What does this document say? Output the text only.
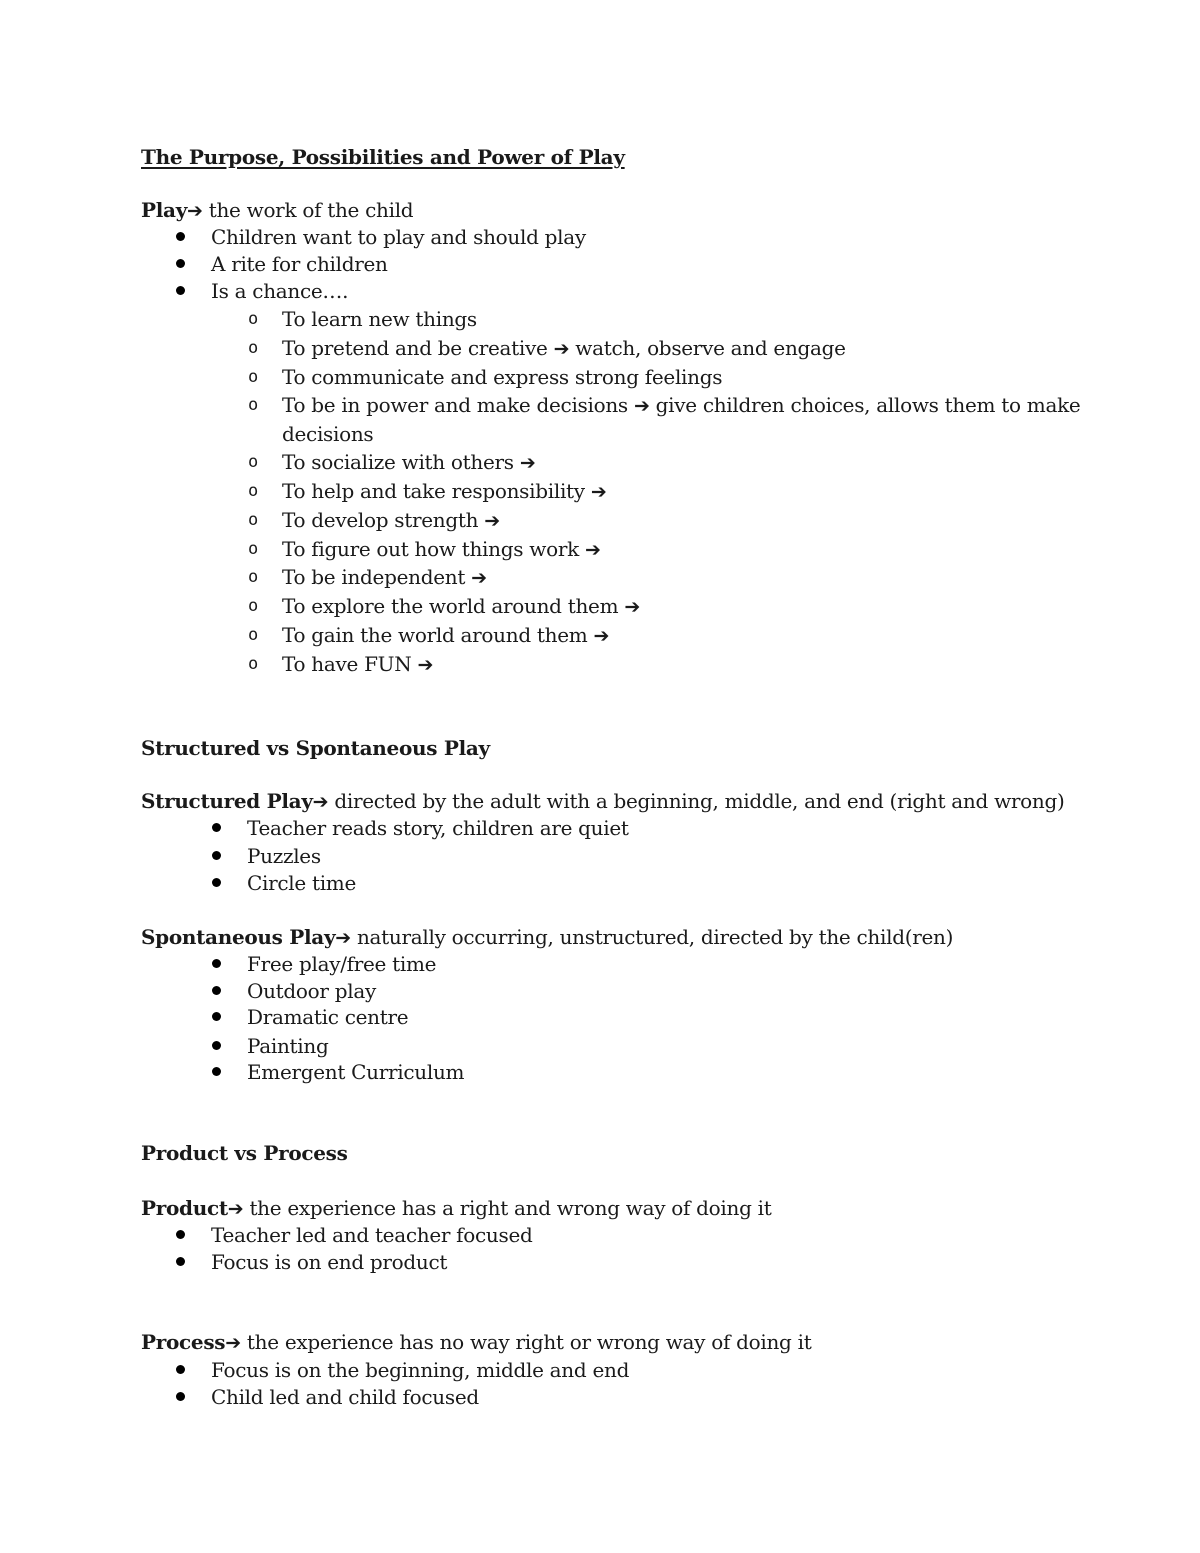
The Purpose, Possibilities and Power of Play
Play➔ the work of the child
Children want to play and should play
A rite for children
Is a chance….
o To learn new things
o To pretend and be creative ➔ watch, observe and engage
o To communicate and express strong feelings
o To be in power and make decisions ➔ give children choices, allows them to make
decisions
o To socialize with others ➔
o To help and take responsibility ➔
o To develop strength ➔
o To figure out how things work ➔
o To be independent ➔
o To explore the world around them ➔
o To gain the world around them ➔
o To have FUN ➔
Structured vs Spontaneous Play
Structured Play➔ directed by the adult with a beginning, middle, and end (right and wrong)
Teacher reads story, children are quiet
Puzzles
Circle time
Spontaneous Play➔ naturally occurring, unstructured, directed by the child(ren)
Free play/free time
Outdoor play
Dramatic centre
Painting
Emergent Curriculum
Product vs Process
Product➔ the experience has a right and wrong way of doing it
Teacher led and teacher focused
Focus is on end product
Process➔ the experience has no way right or wrong way of doing it
Focus is on the beginning, middle and end
Child led and child focused
